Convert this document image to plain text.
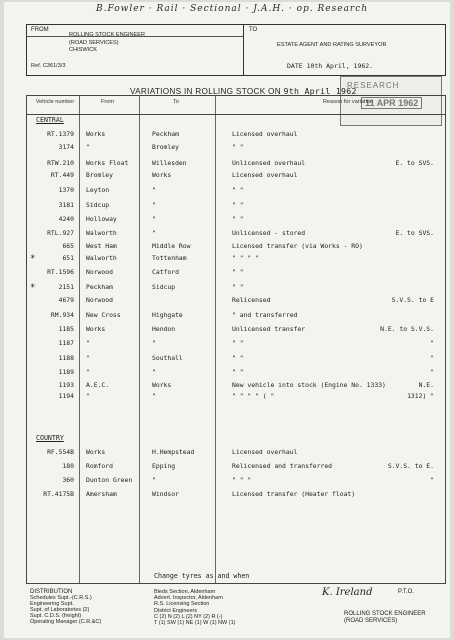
B.Fowler · Rail · Sectional · J.A.H. · op. Research
FROM
ROLLING STOCK ENGINEER
(ROAD SERVICES)
CHISWICK
Ref. C361/3/3
TO
ESTATE AGENT AND RATING SURVEYOR
DATE 10th April, 1962.
RESEARCH
11 APR 1962
VARIATIONS IN ROLLING STOCK ON 9th April 1962
Vehicle number	From	To	Reason for variation
CENTRAL
COUNTRY
RT.1379 Works	Peckham	Licensed overhaul
3174 "	Bromley	" "
RTW.210 Works Float	Willesden	Unlicensed overhaul	E. to SVS.
RT.449 Bromley	Works	Licensed overhaul
1370 Leyton	"	" "
3181 Sidcup	"	" "
4240 Holloway	"	" "
RTL.927 Walworth	"	Unlicensed - stored	E. to SVS.
665 West Ham	Middle Row	Licensed transfer (via Works - RO)
*	651 Walworth	Tottenham	" " " "
RT.1596 Norwood	Catford	" "
*	2151 Peckham	Sidcup	" "
4679 Norwood	Relicensed	S.V.S. to E
RM.934 New Cross	Highgate	" and transferred
1185 Works	Hendon	Unlicensed transfer	N.E. to S.V.S.
1187 "	"	" "	"
1188 "	Southall	" "	"
1189 "	"	" "	"
1193 A.E.C.	Works	New vehicle into stock (Engine No. 1333)	N.E.
1194 "	"	" " " " ( "	1312) "
RF.554B Works	H.Hempstead	Licensed overhaul
180 Romford	Epping	Relicensed and transferred	S.V.S. to E.
360 Dunton Green	"	" " "	"
RT.4175B Amersham	Windsor	Licensed transfer (Heater float)
Change tyres as and when
DISTRIBUTION
Schedules Supt.-(C.R.S.)
Engineering Supt.
Supt. of Laboratories (2)
Supt. C.D.S. (freight)
Operating Manager (C.R.&C)
Bleds Section, Aldenham
Advert. Inspector, Aldenham
R.S. Licensing Section
District Engineers
C (2) N (2) L (2) NY (2) R (-)
T (1) SW (1) NE (1) W (1) NW (1)
K. Ireland	P.T.O.
ROLLING STOCK ENGINEER
(ROAD SERVICES)
